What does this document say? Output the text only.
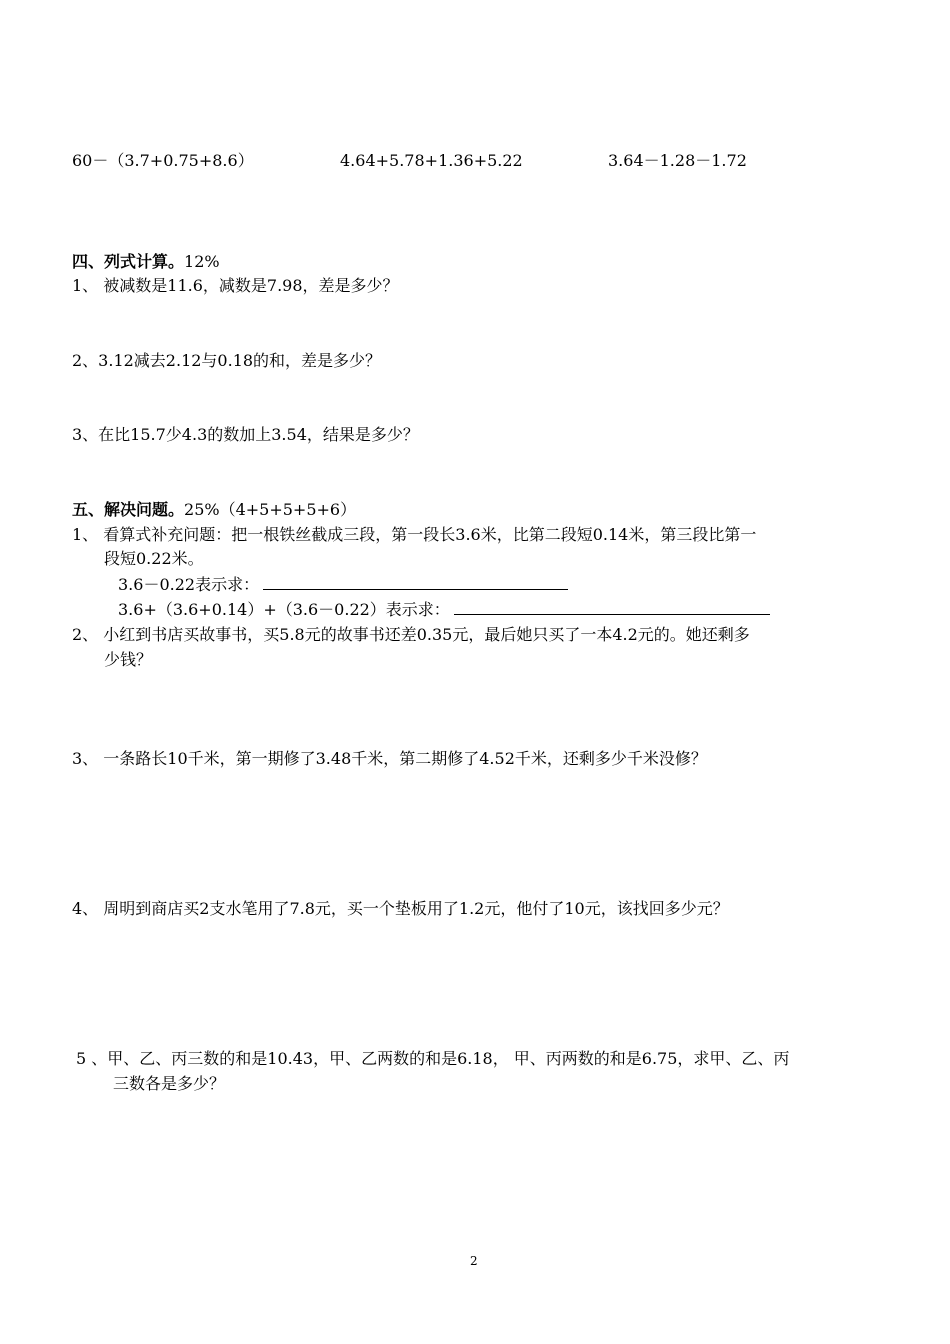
60－（3.7+0.75+8.6）	4.64+5.78+1.36+5.22	3.64－1.28－1.72
四、列式计算。12%
1、 被减数是11.6，减数是7.98，差是多少？
2、3.12减去2.12与0.18的和，差是多少？
3、在比15.7少4.3的数加上3.54，结果是多少？
五、解决问题。25%（4+5+5+5+6）
1、 看算式补充问题：把一根铁丝截成三段，第一段长3.6米，比第二段短0.14米，第三段比第一
段短0.22米。
3.6－0.22表示求：
3.6+（3.6+0.14）+（3.6－0.22）表示求：
2、 小红到书店买故事书，买5.8元的故事书还差0.35元，最后她只买了一本4.2元的。她还剩多
少钱？
3、 一条路长10千米，第一期修了3.48千米，第二期修了4.52千米，还剩多少千米没修？
4、 周明到商店买2支水笔用了7.8元，买一个垫板用了1.2元，他付了10元，该找回多少元？
5 、甲、乙、丙三数的和是10.43，甲、乙两数的和是6.18， 甲、丙两数的和是6.75，求甲、乙、丙
三数各是多少？
2
